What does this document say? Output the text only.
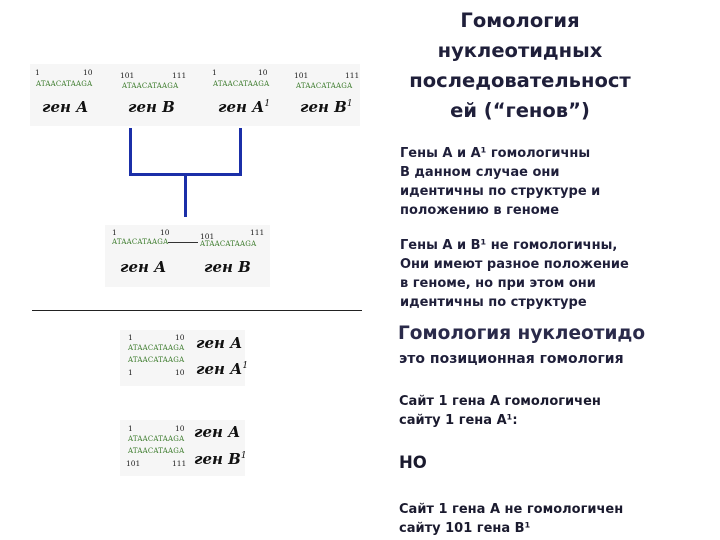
Гомология нуклеотидных последовательност ей (“генов”)
Гены А и А¹ гомологичны
В данном случае они
идентичны по структуре и
положению в геноме
Гены А и В¹ не гомологичны,
Они имеют разное положение
в геноме, но при этом они
идентичны по структуре
Гомология нуклеотидо
это позиционная гомология
Сайт 1 гена А гомологичен
сайту 1 гена А¹:
НО
Сайт 1 гена А не гомологичен
сайту 101 гена В¹
1	10
ATAACATAAGA
ген А
101	111
ATAACATAAGA
ген В
1	10
ATAACATAAGA
ген $А^1$
101	111
ATAACATAAGA
ген $В^1$
1	10	101	111
ATAACATAAGA	ATAACATAAGA
ген А	ген В
1	10
ATAACATAAGA
ATAACATAAGA
1	10
ген А
ген $А^1$
1	10
ATAACATAAGA
ATAACATAAGA
101	111
ген А
ген $В^1$
